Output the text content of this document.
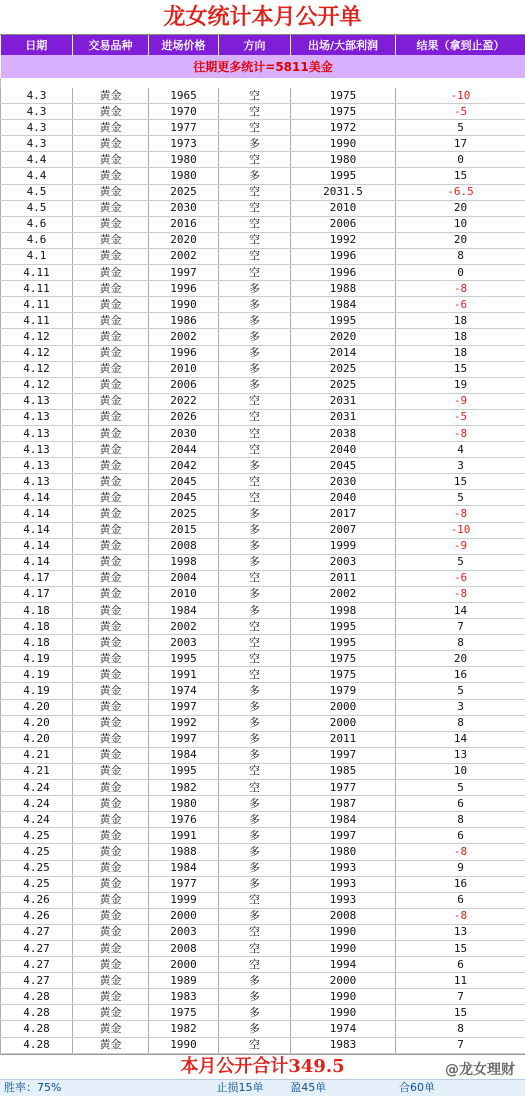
龙女统计本月公开单
日期	交易品种	进场价格	方向	出场/大部利润	结果（拿到止盈）
往期更多统计=5811美金					

4.3	黄金	1965	空	1975	-10
4.3	黄金	1970	空	1975	-5
4.3	黄金	1977	空	1972	5
4.3	黄金	1973	多	1990	17
4.4	黄金	1980	空	1980	0
4.4	黄金	1980	多	1995	15
4.5	黄金	2025	空	2031.5	-6.5
4.5	黄金	2030	空	2010	20
4.6	黄金	2016	空	2006	10
4.6	黄金	2020	空	1992	20
4.1	黄金	2002	空	1996	8
4.11	黄金	1997	空	1996	0
4.11	黄金	1996	多	1988	-8
4.11	黄金	1990	多	1984	-6
4.11	黄金	1986	多	1995	18
4.12	黄金	2002	多	2020	18
4.12	黄金	1996	多	2014	18
4.12	黄金	2010	多	2025	15
4.12	黄金	2006	多	2025	19
4.13	黄金	2022	空	2031	-9
4.13	黄金	2026	空	2031	-5
4.13	黄金	2030	空	2038	-8
4.13	黄金	2044	空	2040	4
4.13	黄金	2042	多	2045	3
4.13	黄金	2045	空	2030	15
4.14	黄金	2045	空	2040	5
4.14	黄金	2025	多	2017	-8
4.14	黄金	2015	多	2007	-10
4.14	黄金	2008	多	1999	-9
4.14	黄金	1998	多	2003	5
4.17	黄金	2004	空	2011	-6
4.17	黄金	2010	多	2002	-8
4.18	黄金	1984	多	1998	14
4.18	黄金	2002	空	1995	7
4.18	黄金	2003	空	1995	8
4.19	黄金	1995	空	1975	20
4.19	黄金	1991	空	1975	16
4.19	黄金	1974	多	1979	5
4.20	黄金	1997	多	2000	3
4.20	黄金	1992	多	2000	8
4.20	黄金	1997	多	2011	14
4.21	黄金	1984	多	1997	13
4.21	黄金	1995	空	1985	10
4.24	黄金	1982	空	1977	5
4.24	黄金	1980	多	1987	6
4.24	黄金	1976	多	1984	8
4.25	黄金	1991	多	1997	6
4.25	黄金	1988	多	1980	-8
4.25	黄金	1984	多	1993	9
4.25	黄金	1977	多	1993	16
4.26	黄金	1999	空	1993	6
4.26	黄金	2000	多	2008	-8
4.27	黄金	2003	空	1990	13
4.27	黄金	2008	空	1990	15
4.27	黄金	2000	空	1994	6
4.27	黄金	1989	多	2000	11
4.28	黄金	1983	多	1990	7
4.28	黄金	1975	多	1990	15
4.28	黄金	1982	多	1974	8
4.28	黄金	1990	空	1983	7
本月公开合计349.5	@龙女理财
胜率：75%	止损15单	盈45单	合60单
